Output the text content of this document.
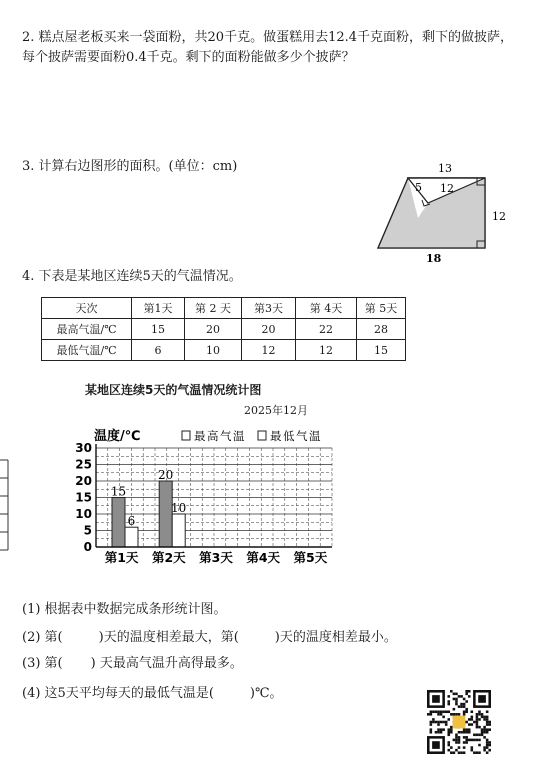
2. 糕点屋老板买来一袋面粉，共20千克。做蛋糕用去12.4千克面粉，剩下的做披萨，
每个披萨需要面粉0.4千克。剩下的面粉能做多少个披萨？
3. 计算右边图形的面积。(单位：cm)	13
5 12
12
18
4. 下表是某地区连续5天的气温情况。
天次	第1天	第 2 天	第3天	第 4天	第 5天
最高气温/℃	15	20	20	22	28
最低气温/℃	6	10	12	12	15
某地区连续5天的气温情况统计图
2025年12月
温度/℃	最高气温 最低气温
0
5
10
15
20
25
30
15
6
20
10
第1天 第2天 第3天 第4天 第5天
(1) 根据表中数据完成条形统计图。
(2) 第(	)天的温度相差最大，第(	)天的温度相差最小。
(3) 第( ) 天最高气温升高得最多。
(4) 这5天平均每天的最低气温是(	)℃。
